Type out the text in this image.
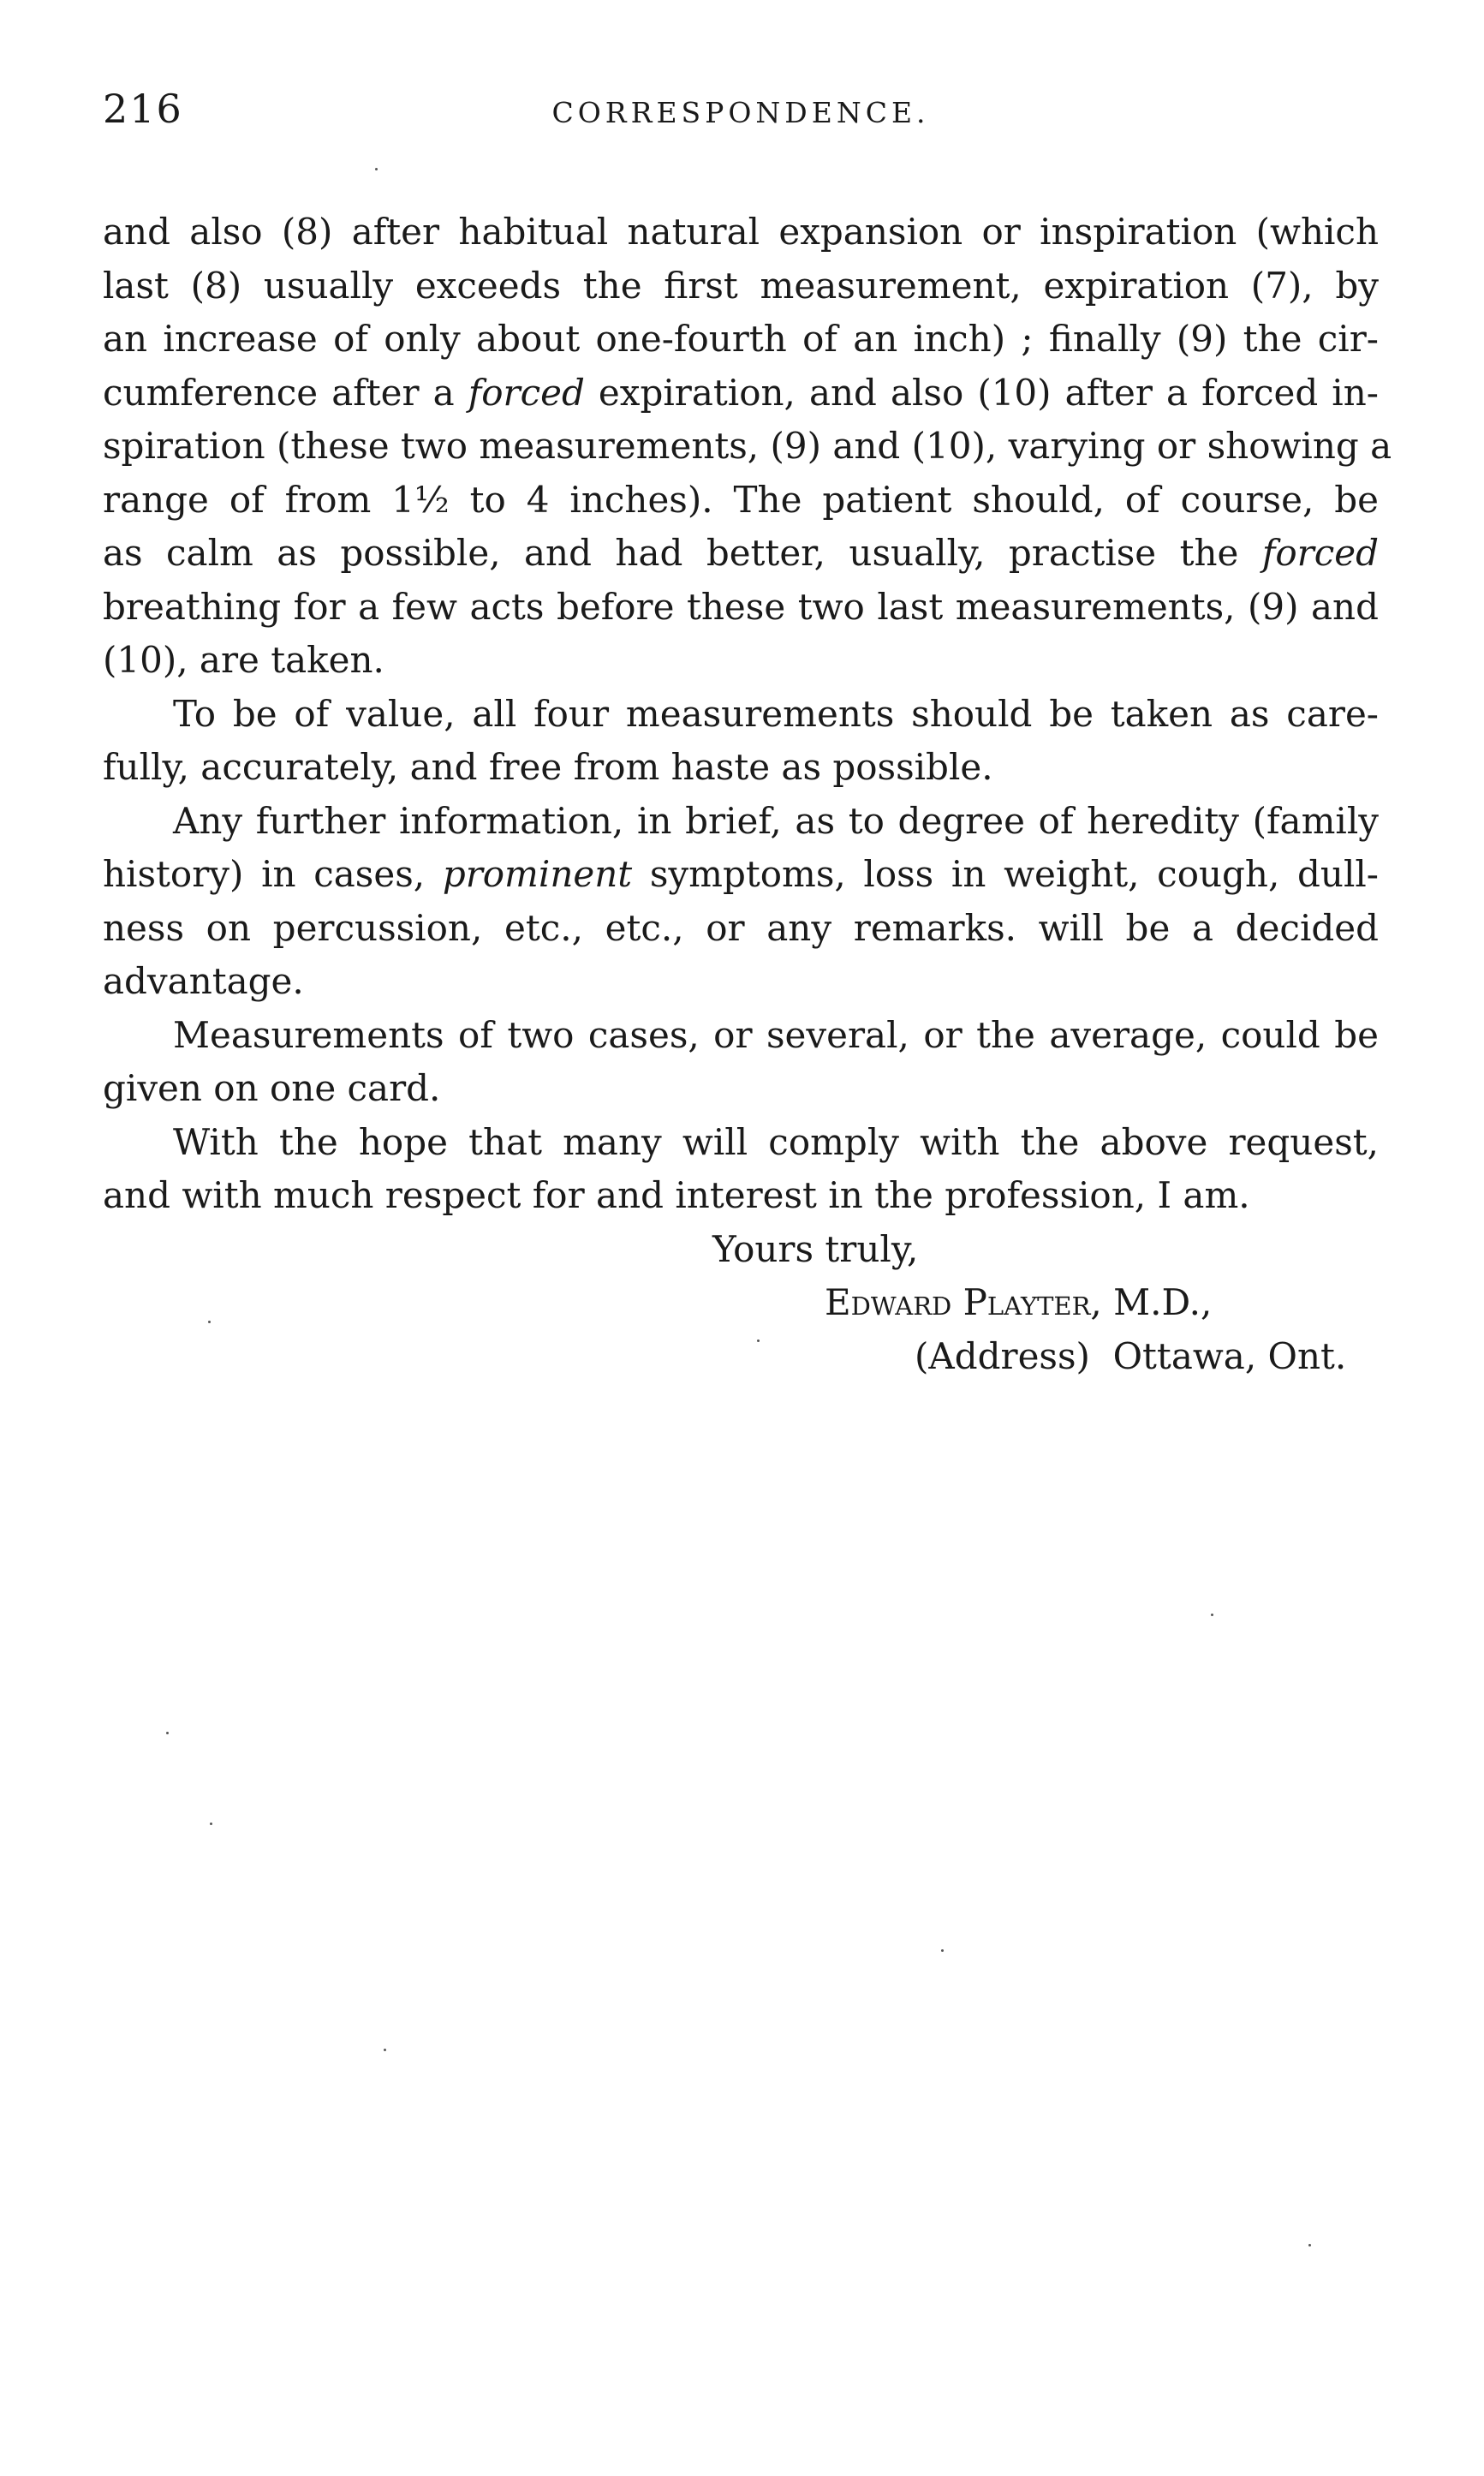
216	CORRESPONDENCE.

and also (8) after habitual natural expansion or inspiration (which
last (8) usually exceeds the first measurement, expiration (7), by
an increase of only about one-fourth of an inch) ; finally (9) the cir-
cumference after a forced expiration, and also (10) after a forced in-
spiration (these two measurements, (9) and (10), varying or showing a
range of from 1½ to 4 inches). The patient should, of course, be
as calm as possible, and had better, usually, practise the forced
breathing for a few acts before these two last measurements, (9) and
(10), are taken.

To be of value, all four measurements should be taken as care-
fully, accurately, and free from haste as possible.

Any further information, in brief, as to degree of heredity (family
history) in cases, prominent symptoms, loss in weight, cough, dull-
ness on percussion, etc., etc., or any remarks. will be a decided
advantage.

Measurements of two cases, or several, or the average, could be
given on one card.

With the hope that many will comply with the above request,
and with much respect for and interest in the profession, I am.

Yours truly,
Edward Playter, M.D.,
(Address) Ottawa, Ont.
